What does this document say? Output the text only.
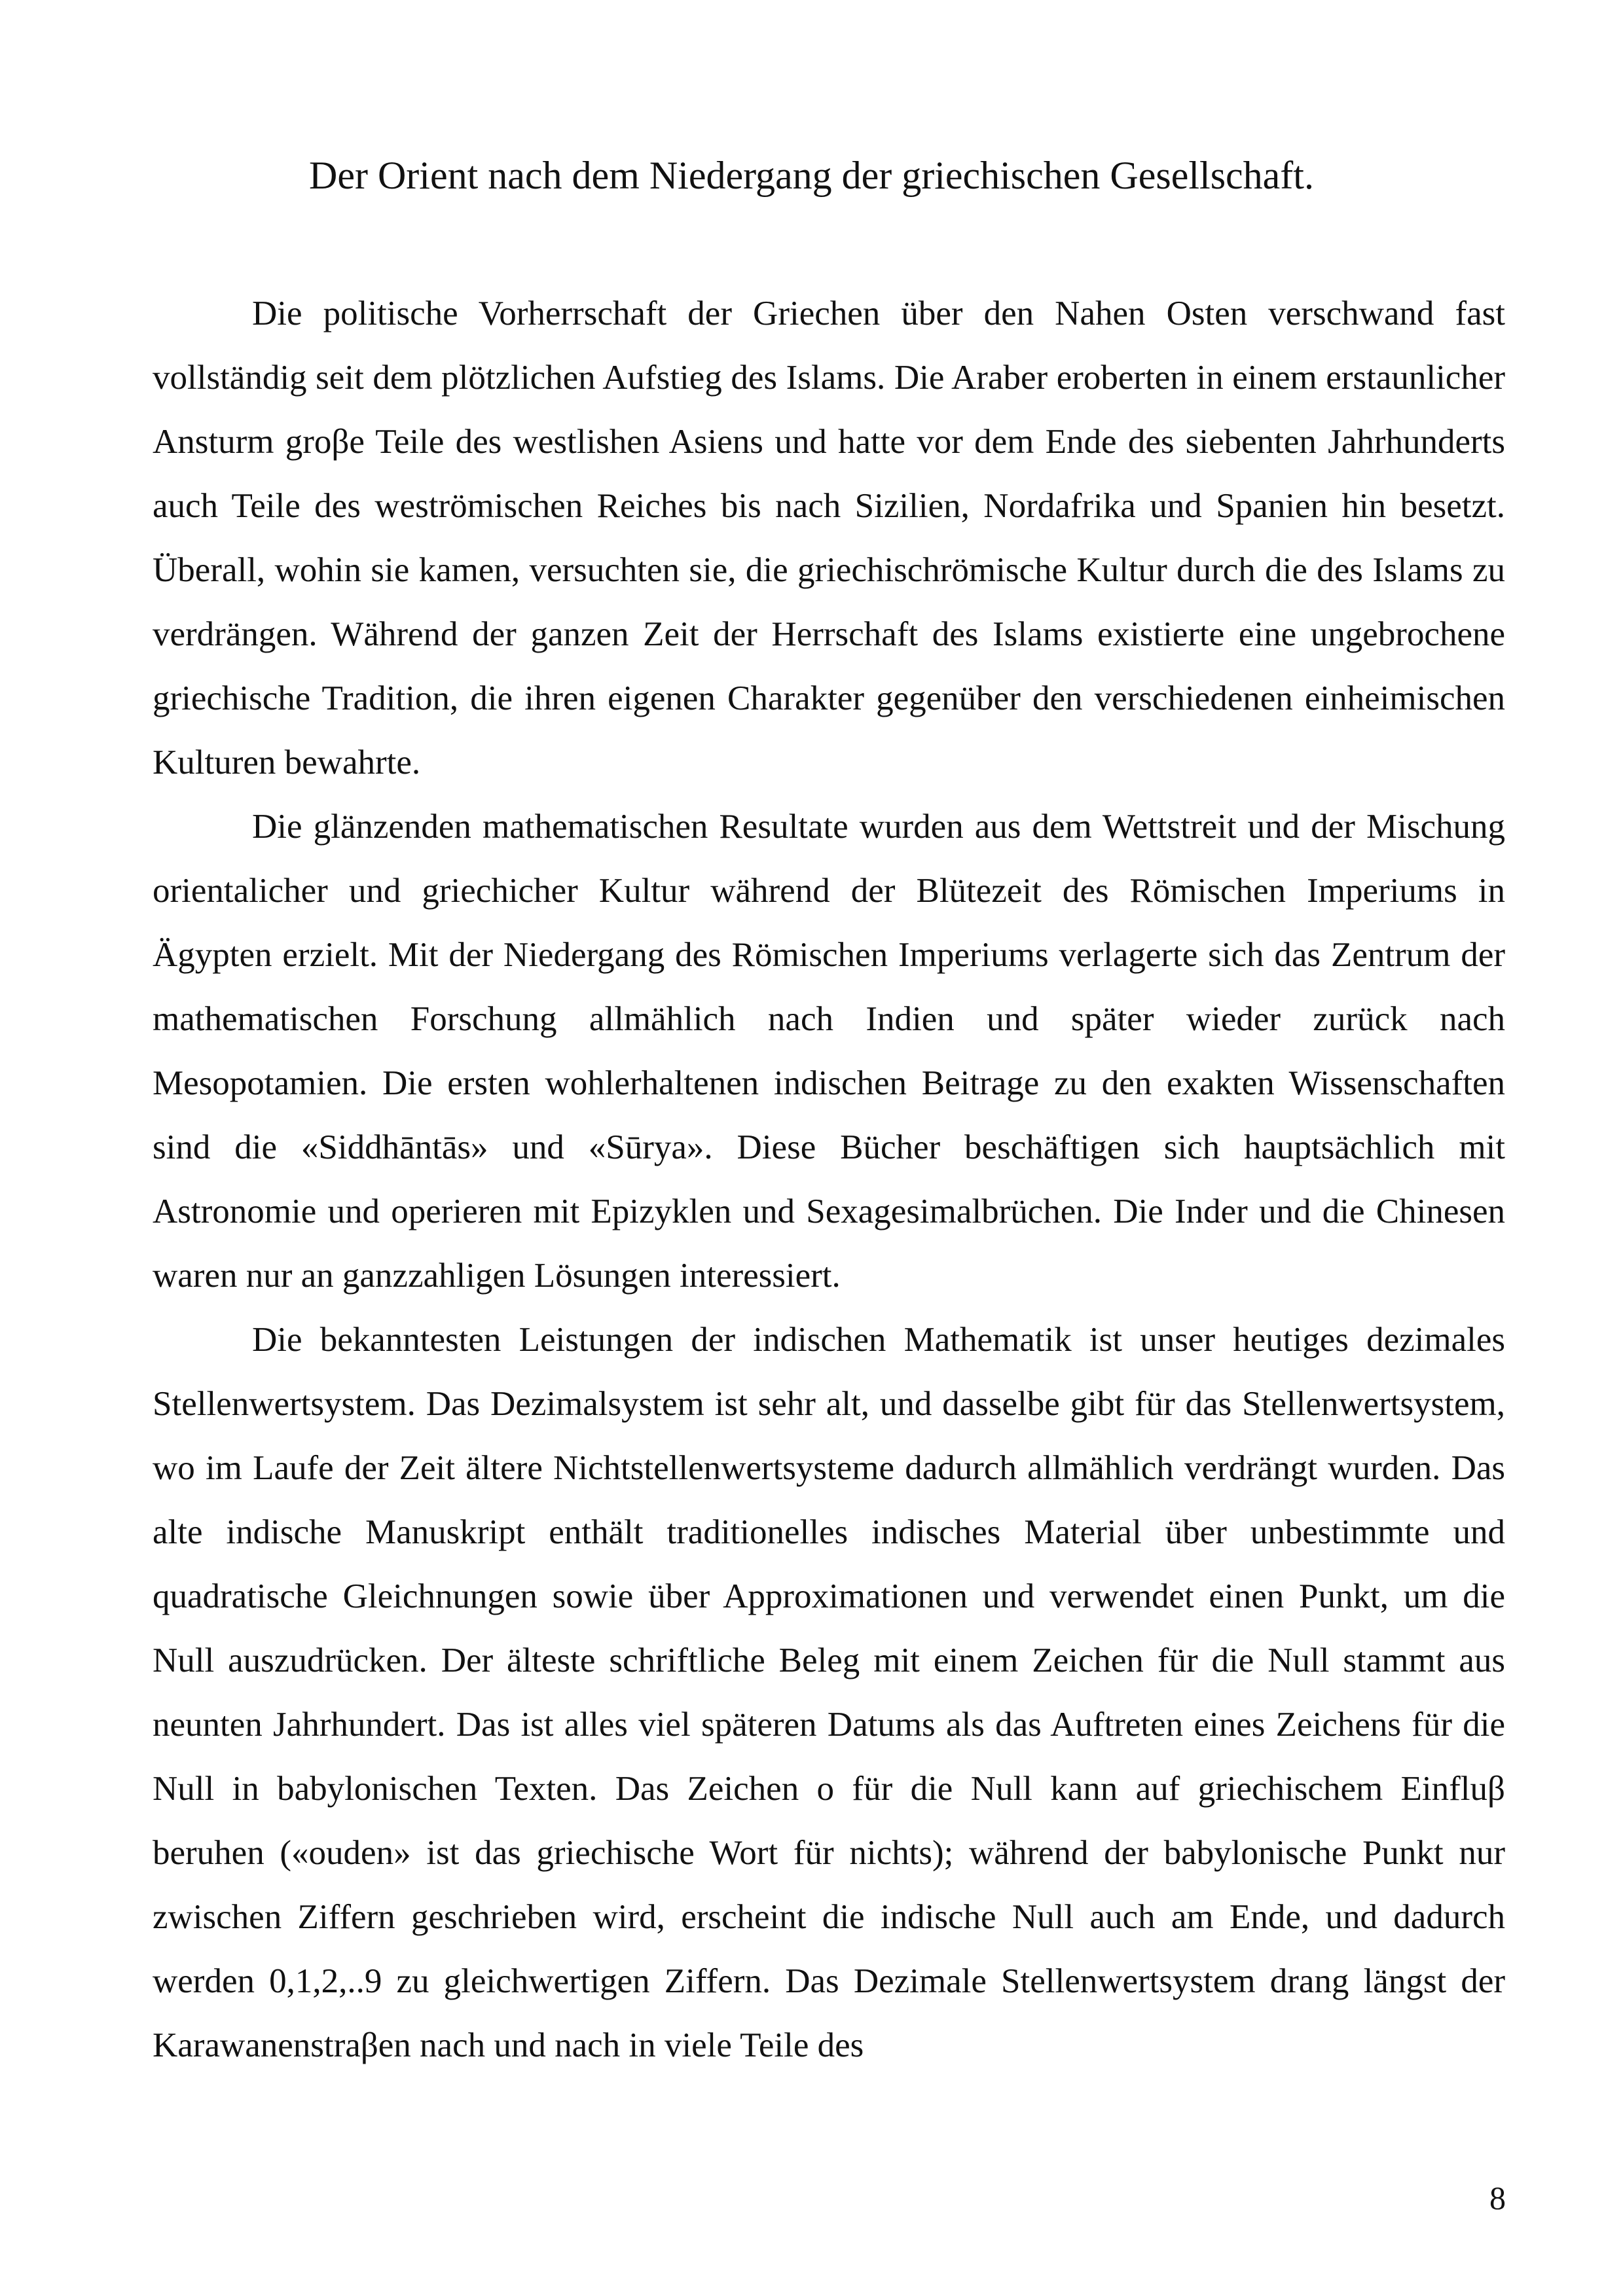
Der Orient nach dem Niedergang der griechischen Gesellschaft.

Die politische Vorherrschaft der Griechen über den Nahen Osten verschwand fast vollständig seit dem plötzlichen Aufstieg des Islams. Die Araber eroberten in einem erstaunlicher Ansturm groβe Teile des westlishen Asiens und hatte vor dem Ende des siebenten Jahrhunderts auch Teile des weströmischen Reiches bis nach Sizilien, Nordafrika und Spanien hin besetzt. Überall, wohin sie kamen, versuchten sie, die griechischrömische Kultur durch die des Islams zu verdrängen. Während der ganzen Zeit der Herrschaft des Islams existierte eine ungebrochene griechische Tradition, die ihren eigenen Charakter gegenüber den verschiedenen einheimischen Kulturen bewahrte.

Die glänzenden mathematischen Resultate wurden aus dem Wettstreit und der Mischung orientalicher und griechicher Kultur während der Blütezeit des Römischen Imperiums in Ägypten erzielt. Mit der Niedergang des Römischen Imperiums verlagerte sich das Zentrum der mathematischen Forschung allmählich nach Indien und später wieder zurück nach Mesopotamien. Die ersten wohlerhaltenen indischen Beitrage zu den exakten Wissenschaften sind die «Siddhāntās» und «Sūrya». Diese Bücher beschäftigen sich hauptsächlich mit Astronomie und operieren mit Epizyklen und Sexagesimalbrüchen. Die Inder und die Chinesen waren nur an ganzzahligen Lösungen interessiert.

Die bekanntesten Leistungen der indischen Mathematik ist unser heutiges dezimales Stellenwertsystem. Das Dezimalsystem ist sehr alt, und dasselbe gibt für das Stellenwertsystem, wo im Laufe der Zeit ältere Nichtstellenwertsysteme dadurch allmählich verdrängt wurden. Das alte indische Manuskript enthält traditionelles indisches Material über unbestimmte und quadratische Gleichnungen sowie über Approximationen und verwendet einen Punkt, um die Null auszudrücken. Der älteste schriftliche Beleg mit einem Zeichen für die Null stammt aus neunten Jahrhundert. Das ist alles viel späteren Datums als das Auftreten eines Zeichens für die Null in babylonischen Texten. Das Zeichen o für die Null kann auf griechischem Einfluβ beruhen («ouden» ist das griechische Wort für nichts); während der babylonische Punkt nur zwischen Ziffern geschrieben wird, erscheint die indische Null auch am Ende, und dadurch werden 0,1,2,..9 zu gleichwertigen Ziffern. Das Dezimale Stellenwertsystem drang längst der Karawanenstraβen nach und nach in viele Teile des

8
